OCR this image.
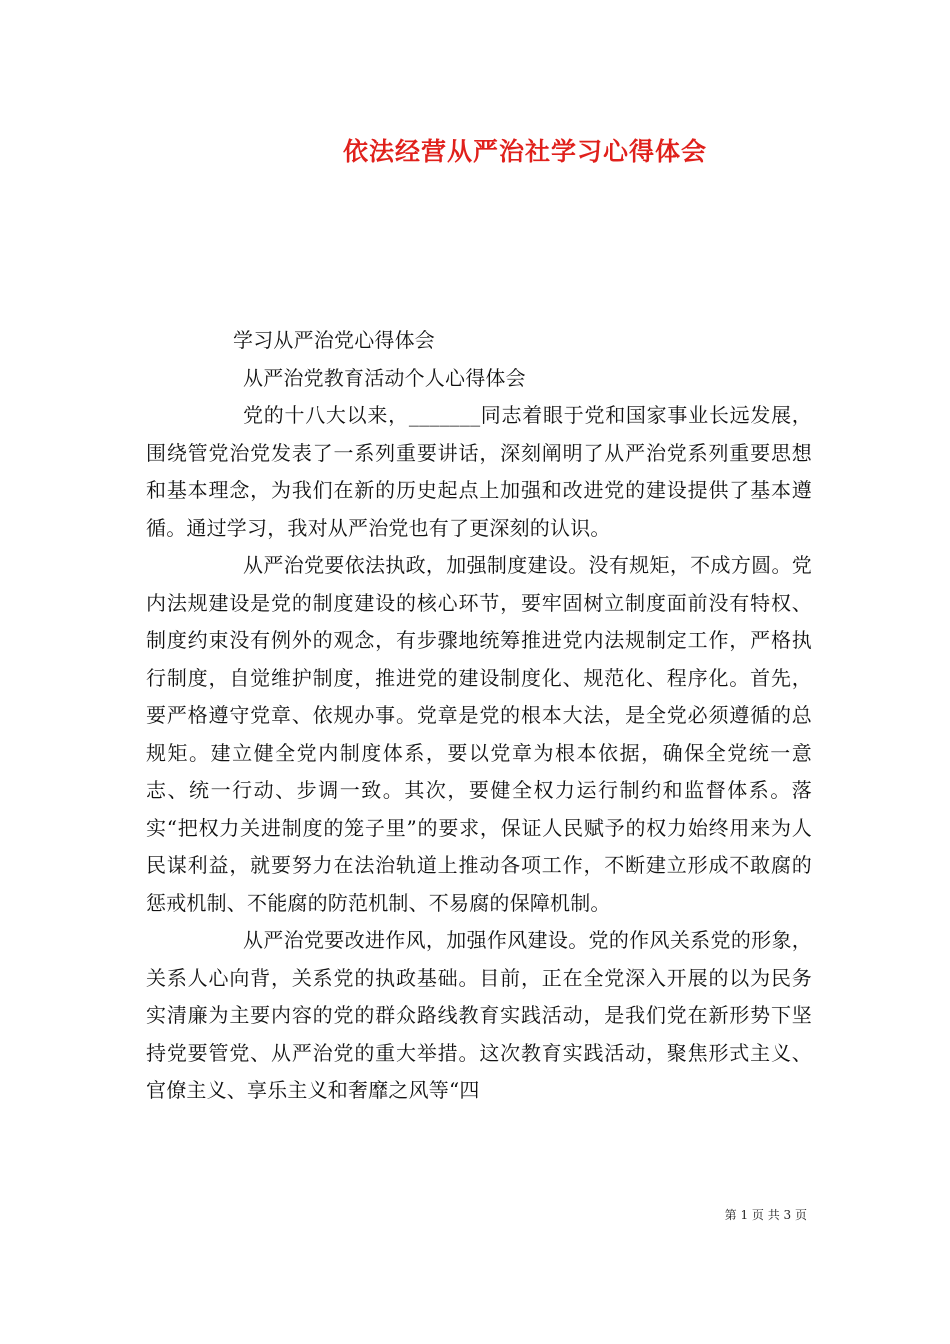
依法经营从严治社学习心得体会

学习从严治党心得体会

从严治党教育活动个人心得体会

党的十八大以来，_______同志着眼于党和国家事业长远发展，围绕管党治党发表了一系列重要讲话，深刻阐明了从严治党系列重要思想和基本理念，为我们在新的历史起点上加强和改进党的建设提供了基本遵循。通过学习，我对从严治党也有了更深刻的认识。

从严治党要依法执政，加强制度建设。没有规矩，不成方圆。党内法规建设是党的制度建设的核心环节，要牢固树立制度面前没有特权、制度约束没有例外的观念，有步骤地统筹推进党内法规制定工作，严格执行制度，自觉维护制度，推进党的建设制度化、规范化、程序化。首先，要严格遵守党章、依规办事。党章是党的根本大法，是全党必须遵循的总规矩。建立健全党内制度体系，要以党章为根本依据，确保全党统一意志、统一行动、步调一致。其次，要健全权力运行制约和监督体系。落实“把权力关进制度的笼子里”的要求，保证人民赋予的权力始终用来为人民谋利益，就要努力在法治轨道上推动各项工作，不断建立形成不敢腐的惩戒机制、不能腐的防范机制、不易腐的保障机制。

从严治党要改进作风，加强作风建设。党的作风关系党的形象，关系人心向背，关系党的执政基础。目前，正在全党深入开展的以为民务实清廉为主要内容的党的群众路线教育实践活动，是我们党在新形势下坚持党要管党、从严治党的重大举措。这次教育实践活动，聚焦形式主义、官僚主义、享乐主义和奢靡之风等“四

第 1 页 共 3 页
